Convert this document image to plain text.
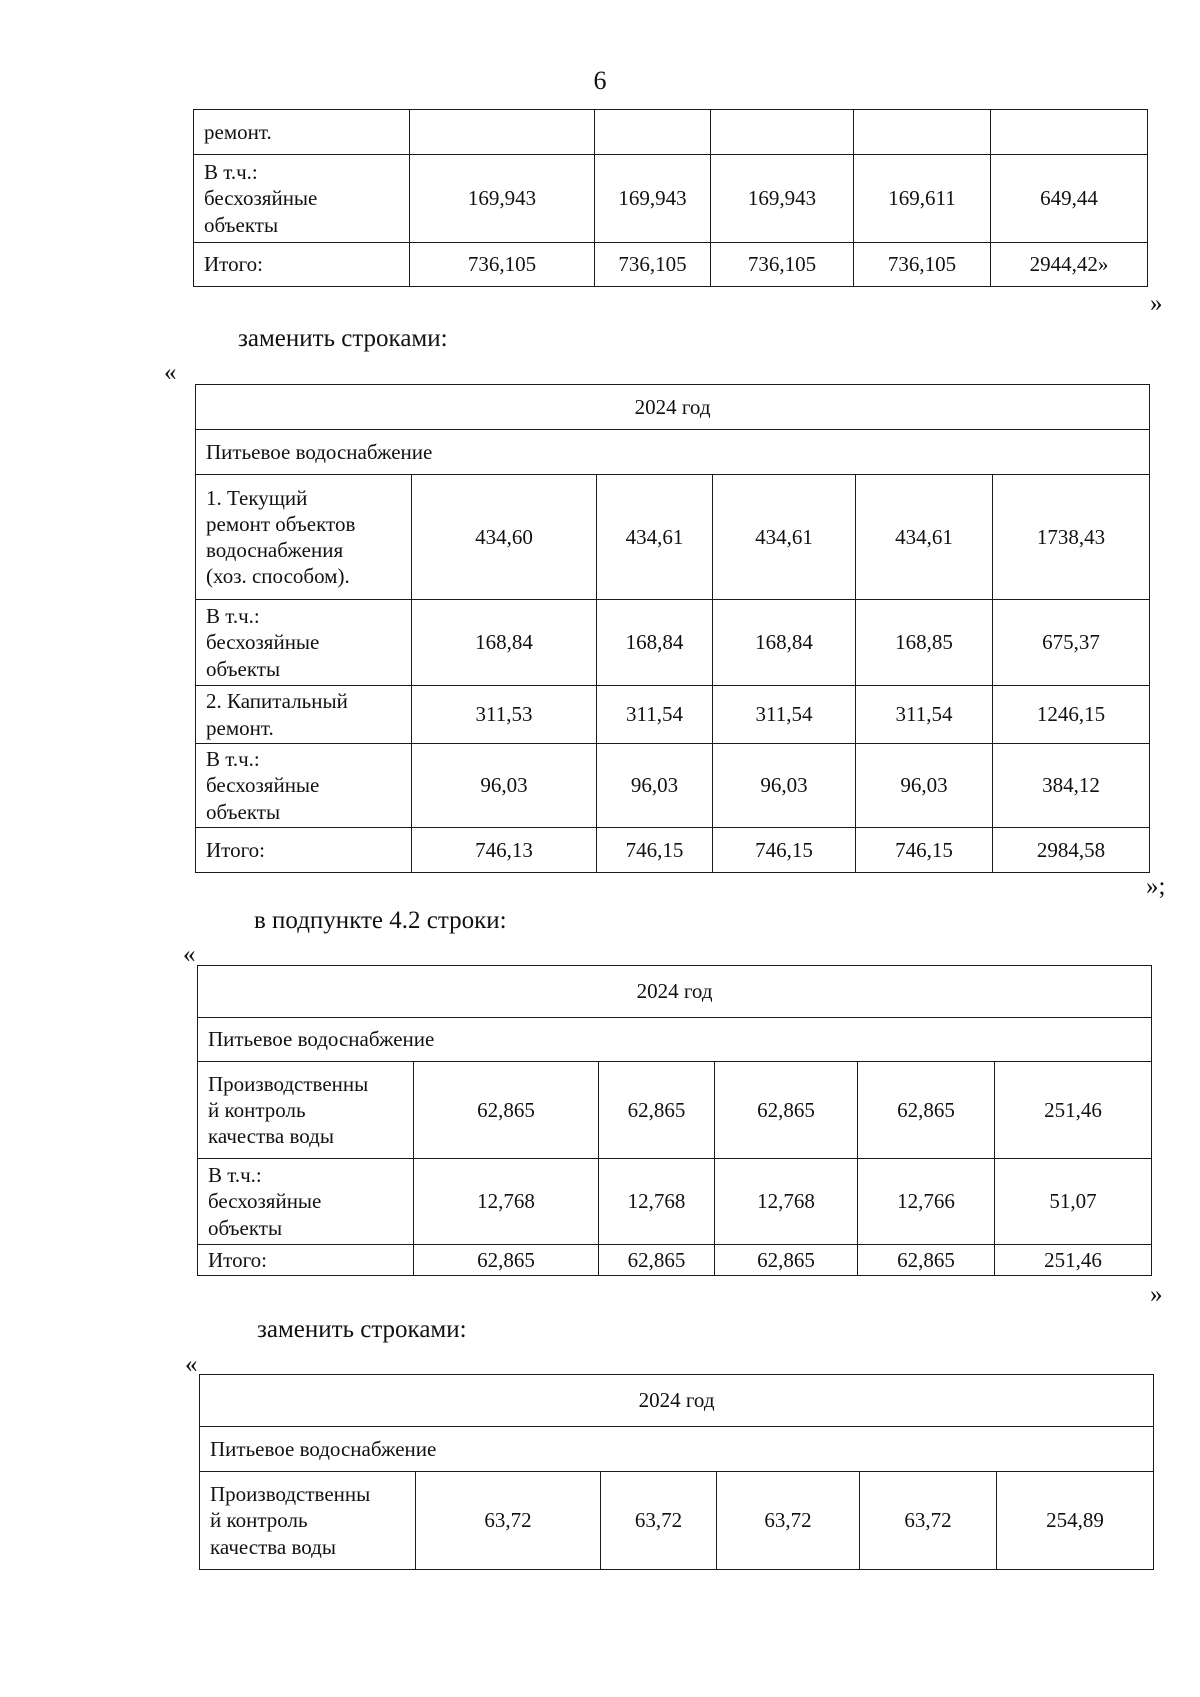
6
ремонт.					
В т.ч.:
бесхозяйные
объекты	169,943	169,943	169,943	169,611	649,44
Итого:	736,105	736,105	736,105	736,105	2944,42»
»
заменить строками:
«
2024 год					
Питьевое водоснабжение					
1. Текущий
ремонт объектов
водоснабжения
(хоз. способом).	434,60	434,61	434,61	434,61	1738,43
В т.ч.:
бесхозяйные
объекты	168,84	168,84	168,84	168,85	675,37
2. Капитальный
ремонт.	311,53	311,54	311,54	311,54	1246,15
В т.ч.:
бесхозяйные
объекты	96,03	96,03	96,03	96,03	384,12
Итого:	746,13	746,15	746,15	746,15	2984,58
»;
в подпункте 4.2 строки:
«
2024 год					
Питьевое водоснабжение					
Производственны
й контроль
качества воды	62,865	62,865	62,865	62,865	251,46
В т.ч.:
бесхозяйные
объекты	12,768	12,768	12,768	12,766	51,07
Итого:	62,865	62,865	62,865	62,865	251,46
»
заменить строками:
«
2024 год
Питьевое водоснабжение
Производственны
й контроль
качества воды	63,72	63,72	63,72	63,72	254,89
